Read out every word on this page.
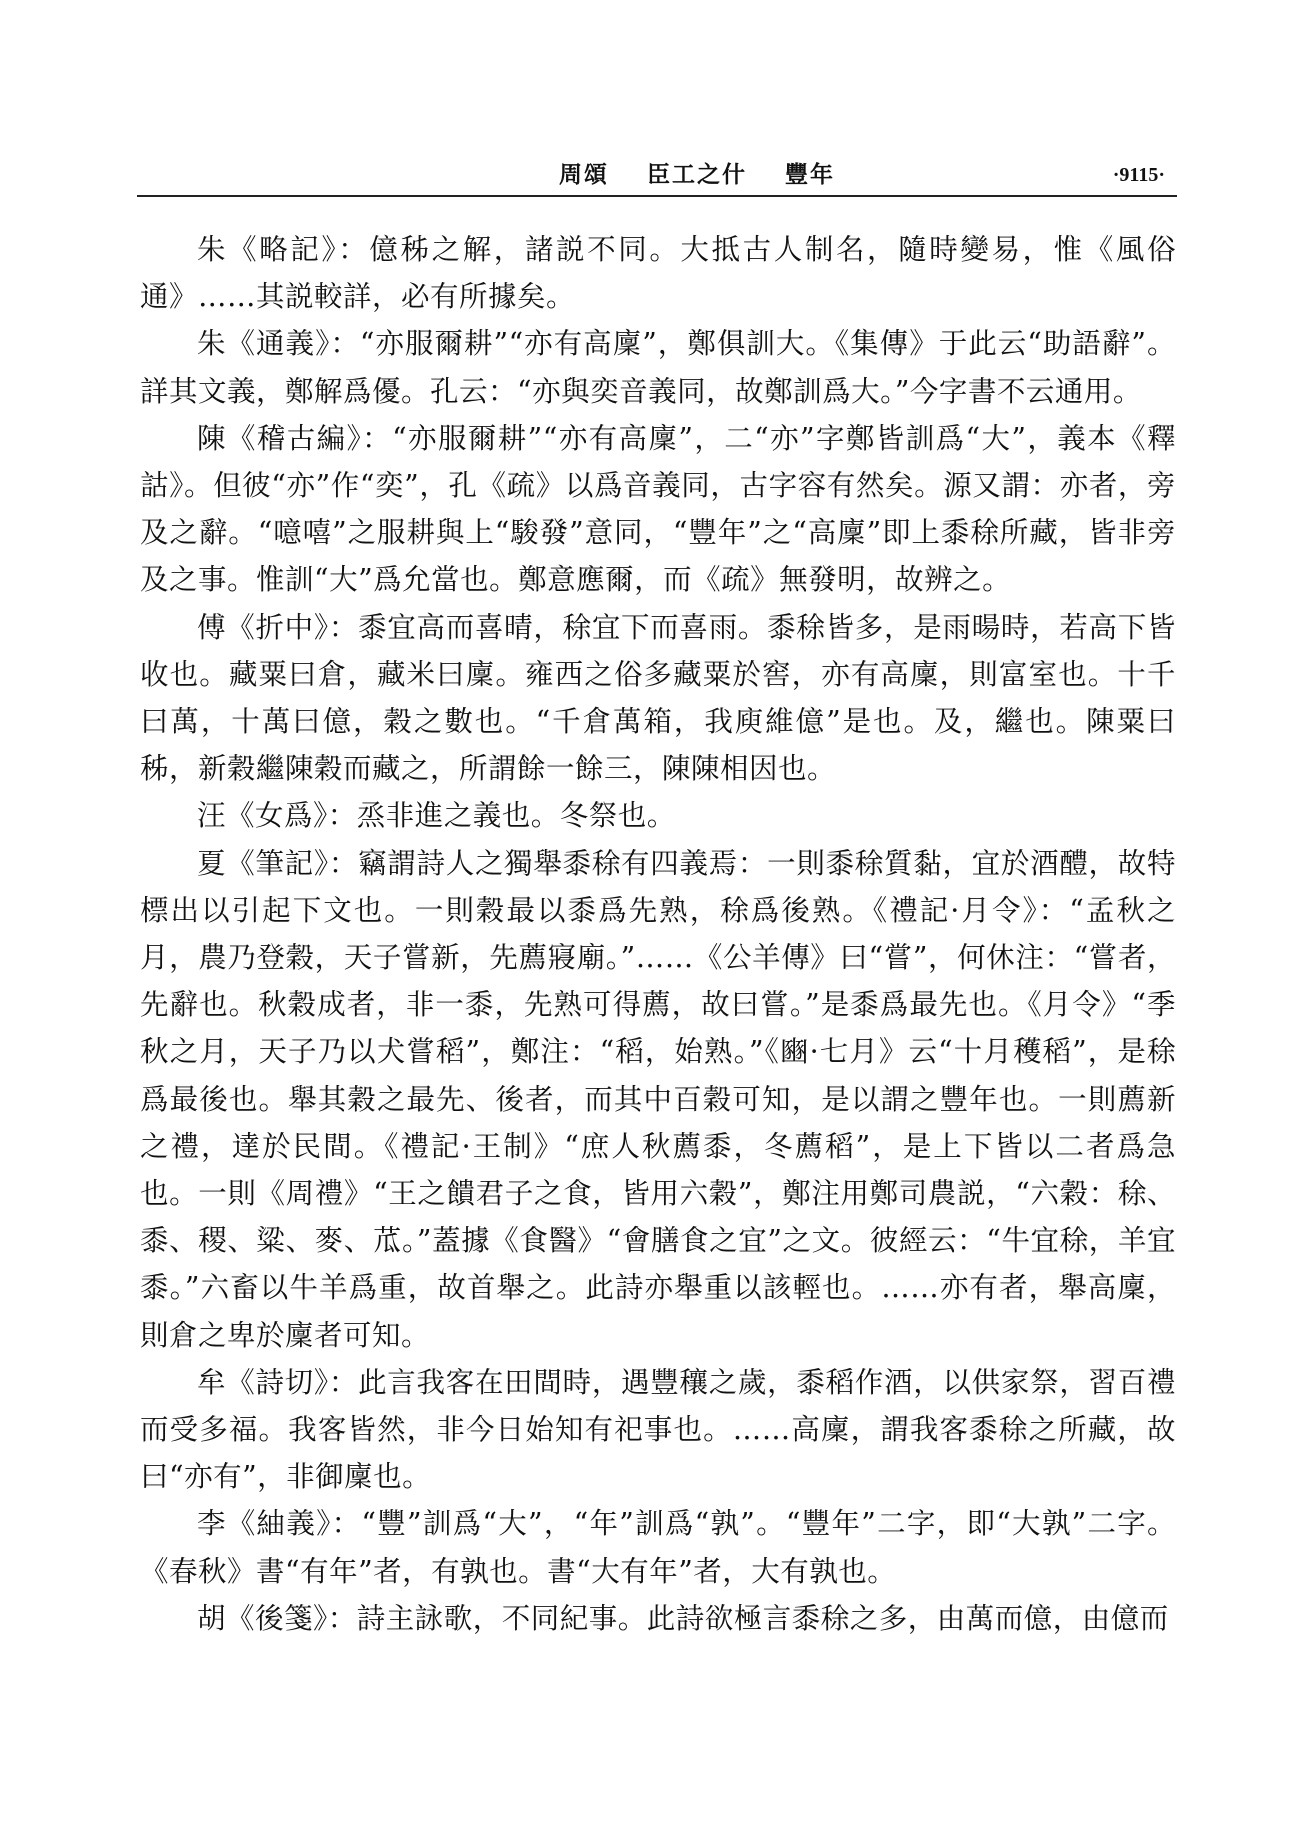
周頌 臣工之什 豐年	·9115·

朱《略記》：億秭之解，諸説不同。大抵古人制名，隨時變易，惟《風俗通》……其説較詳，必有所據矣。

朱《通義》：“亦服爾耕”“亦有高廩”，鄭俱訓大。《集傳》于此云“助語辭”。詳其文義，鄭解爲優。孔云：“亦與奕音義同，故鄭訓爲大。”今字書不云通用。

陳《稽古編》：“亦服爾耕”“亦有高廩”，二“亦”字鄭皆訓爲“大”，義本《釋詁》。但彼“亦”作“奕”，孔《疏》以爲音義同，古字容有然矣。源又謂：亦者，旁及之辭。“噫嘻”之服耕與上“駿發”意同，“豐年”之“高廩”即上黍稌所藏，皆非旁及之事。惟訓“大”爲允當也。鄭意應爾，而《疏》無發明，故辨之。

傅《折中》：黍宜高而喜晴，稌宜下而喜雨。黍稌皆多，是雨暘時，若高下皆收也。藏粟曰倉，藏米曰廩。雍西之俗多藏粟於窖，亦有高廩，則富室也。十千曰萬，十萬曰億，穀之數也。“千倉萬箱，我庾維億”是也。及，繼也。陳粟曰秭，新穀繼陳穀而藏之，所謂餘一餘三，陳陳相因也。

汪《女爲》：烝非進之義也。冬祭也。

夏《筆記》：竊謂詩人之獨舉黍稌有四義焉：一則黍稌質黏，宜於酒醴，故特標出以引起下文也。一則穀最以黍爲先熟，稌爲後熟。《禮記·月令》：“孟秋之月，農乃登穀，天子嘗新，先薦寢廟。”……《公羊傳》曰“嘗”，何休注：“嘗者，先辭也。秋穀成者，非一黍，先熟可得薦，故曰嘗。”是黍爲最先也。《月令》“季秋之月，天子乃以犬嘗稻”，鄭注：“稻，始熟。”《豳·七月》云“十月穫稻”，是稌爲最後也。舉其穀之最先、後者，而其中百穀可知，是以謂之豐年也。一則薦新之禮，達於民間。《禮記·王制》“庶人秋薦黍，冬薦稻”，是上下皆以二者爲急也。一則《周禮》“王之饋君子之食，皆用六穀”，鄭注用鄭司農説，“六穀：稌、黍、稷、粱、麥、苽。”蓋據《食醫》“會膳食之宜”之文。彼經云：“牛宜稌，羊宜黍。”六畜以牛羊爲重，故首舉之。此詩亦舉重以該輕也。……亦有者，舉高廩，則倉之卑於廩者可知。

牟《詩切》：此言我客在田間時，遇豐穰之歲，黍稻作酒，以供家祭，習百禮而受多福。我客皆然，非今日始知有祀事也。……高廩，謂我客黍稌之所藏，故曰“亦有”，非御廩也。

李《紬義》：“豐”訓爲“大”，“年”訓爲“孰”。“豐年”二字，即“大孰”二字。《春秋》書“有年”者，有孰也。書“大有年”者，大有孰也。

胡《後箋》：詩主詠歌，不同紀事。此詩欲極言黍稌之多，由萬而億，由億而
